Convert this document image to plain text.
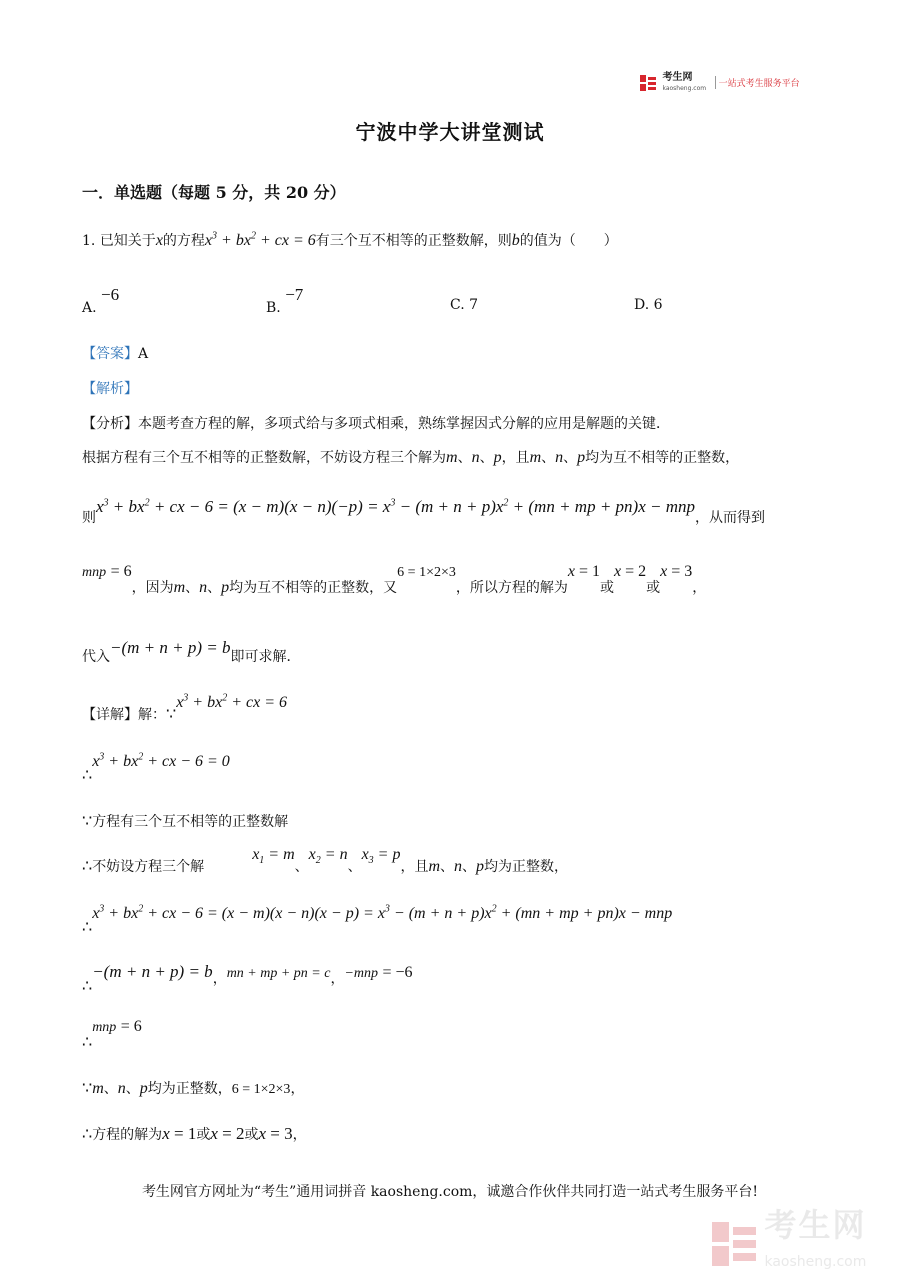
考生网
kaosheng.com 一站式考生服务平台
宁波中学大讲堂测试
一．单选题（每题 5 分，共 20 分）
1. 已知关于x的方程$x^3 + bx^2$ + cx = 6有三个互不相等的正整数解，则b的值为（　　）
A. −6
B. −7
C. 7	D. 6
【答案】A
【解析】
【分析】本题考查方程的解，多项式给与多项式相乘，熟练掌握因式分解的应用是解题的关键．
根据方程有三个互不相等的正整数解，不妨设方程三个解为m、n、p，且m、n、p均为互不相等的正整数，
则$x^3 + bx^2$ + cx − $6 = (x - m)(x - n)(-p) = x^3 - (m + n + p)x^2 + (mn$ + mp + pn)x − mnp，从而得到
mnp = 6，因为m、n、p均为互不相等的正整数，又6 = 1×2×3，所以方程的解为x = 1或x = 2或x = 3，
代入−(m + n + p) = b即可求解．
【详解】解：$\because x^3 + bx^2$ + cx = 6
$\therefore x^3 + bx^2$ + cx − 6 = 0
∵方程有三个互不相等的正整数解
∴不妨设方程三个解$x_1 = m$、$x_2 = n$、$x_3 = p$，且m、n、p均为正整数，
$\therefore x^3 + bx^2$ + cx − $6 = (x - m)(x - n)(x - p) = x^3 - (m + n + p)x^2 + (mn$ + mp + pn)x − mnp
∴−(m + n + p) = b，mn + mp + pn = c，−mnp = −6
∴mnp = 6
∵m、n、p均为正整数，6 = 1×2×3，
∴方程的解为x = 1或x = 2或x = 3，
考生网官方网址为“考生”通用词拼音 kaosheng.com，诚邀合作伙伴共同打造一站式考生服务平台!
考生网
kaosheng.com
